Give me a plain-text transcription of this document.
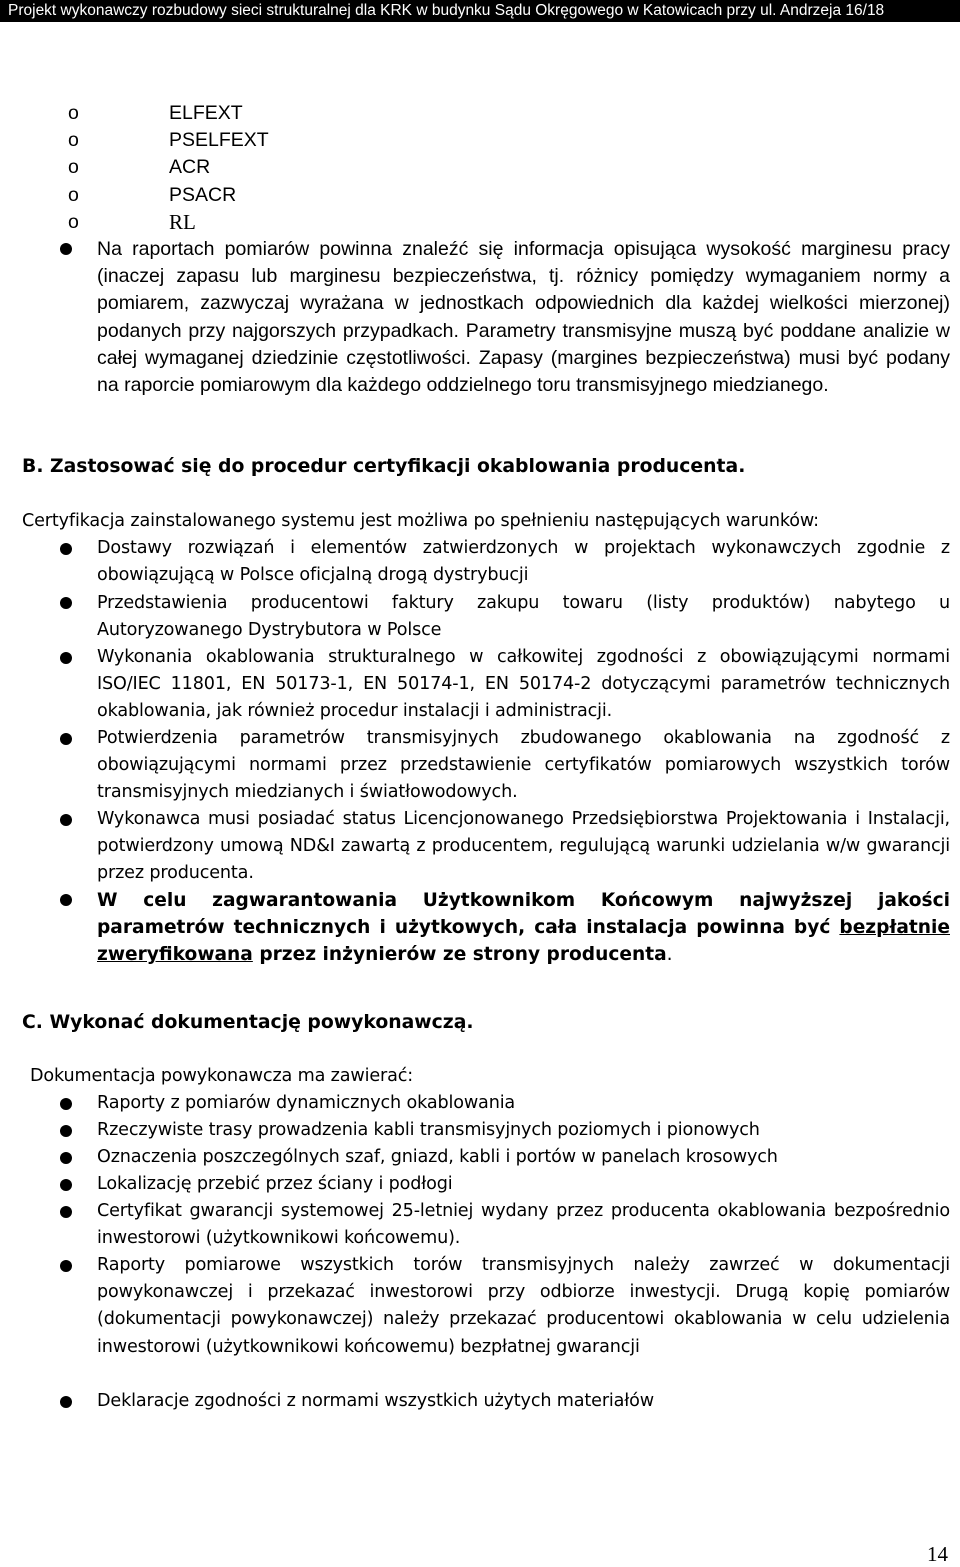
Projekt wykonawczy rozbudowy sieci strukturalnej dla KRK w budynku Sądu Okręgowego w Katowicach przy ul. Andrzeja 16/18
o	ELFEXT
o	PSELFEXT
o	ACR
o	PSACR
o	RL
Na raportach pomiarów powinna znaleźć się informacja opisująca wysokość marginesu pracy (inaczej zapasu lub marginesu bezpieczeństwa, tj. różnicy pomiędzy wymaganiem normy a pomiarem, zazwyczaj wyrażana w jednostkach odpowiednich dla każdej wielkości mierzonej) podanych przy najgorszych przypadkach. Parametry transmisyjne muszą być poddane analizie w całej wymaganej dziedzinie częstotliwości. Zapasy (margines bezpieczeństwa) musi być podany na raporcie pomiarowym dla każdego oddzielnego toru transmisyjnego miedzianego.
B. Zastosować się do procedur certyfikacji okablowania producenta.
Certyfikacja zainstalowanego systemu jest możliwa po spełnieniu następujących warunków:
Dostawy rozwiązań i elementów zatwierdzonych w projektach wykonawczych zgodnie z obowiązującą w Polsce oficjalną drogą dystrybucji
Przedstawienia producentowi faktury zakupu towaru (listy produktów) nabytego u Autoryzowanego Dystrybutora w Polsce
Wykonania okablowania strukturalnego w całkowitej zgodności z obowiązującymi normami ISO/IEC 11801, EN 50173-1, EN 50174-1, EN 50174-2 dotyczącymi parametrów technicznych okablowania, jak również procedur instalacji i administracji.
Potwierdzenia parametrów transmisyjnych zbudowanego okablowania na zgodność z obowiązującymi normami przez przedstawienie certyfikatów pomiarowych wszystkich torów transmisyjnych miedzianych i światłowodowych.
Wykonawca musi posiadać status Licencjonowanego Przedsiębiorstwa Projektowania i Instalacji, potwierdzony umową ND&I zawartą z producentem, regulującą warunki udzielania w/w gwarancji przez producenta.
W celu zagwarantowania Użytkownikom Końcowym najwyższej jakości parametrów technicznych i użytkowych, cała instalacja powinna być bezpłatnie zweryfikowana przez inżynierów ze strony producenta.
C. Wykonać dokumentację powykonawczą.
Dokumentacja powykonawcza ma zawierać:
Raporty z pomiarów dynamicznych okablowania
Rzeczywiste trasy prowadzenia kabli transmisyjnych poziomych i pionowych
Oznaczenia poszczególnych szaf, gniazd, kabli i portów w panelach krosowych
Lokalizację przebić przez ściany i podłogi
Certyfikat gwarancji systemowej 25-letniej wydany przez producenta okablowania bezpośrednio inwestorowi (użytkownikowi końcowemu).
Raporty pomiarowe wszystkich torów transmisyjnych należy zawrzeć w dokumentacji powykonawczej i przekazać inwestorowi przy odbiorze inwestycji. Drugą kopię pomiarów (dokumentacji powykonawczej) należy przekazać producentowi okablowania w celu udzielenia inwestorowi (użytkownikowi końcowemu) bezpłatnej gwarancji
Deklaracje zgodności z normami wszystkich użytych materiałów
14
